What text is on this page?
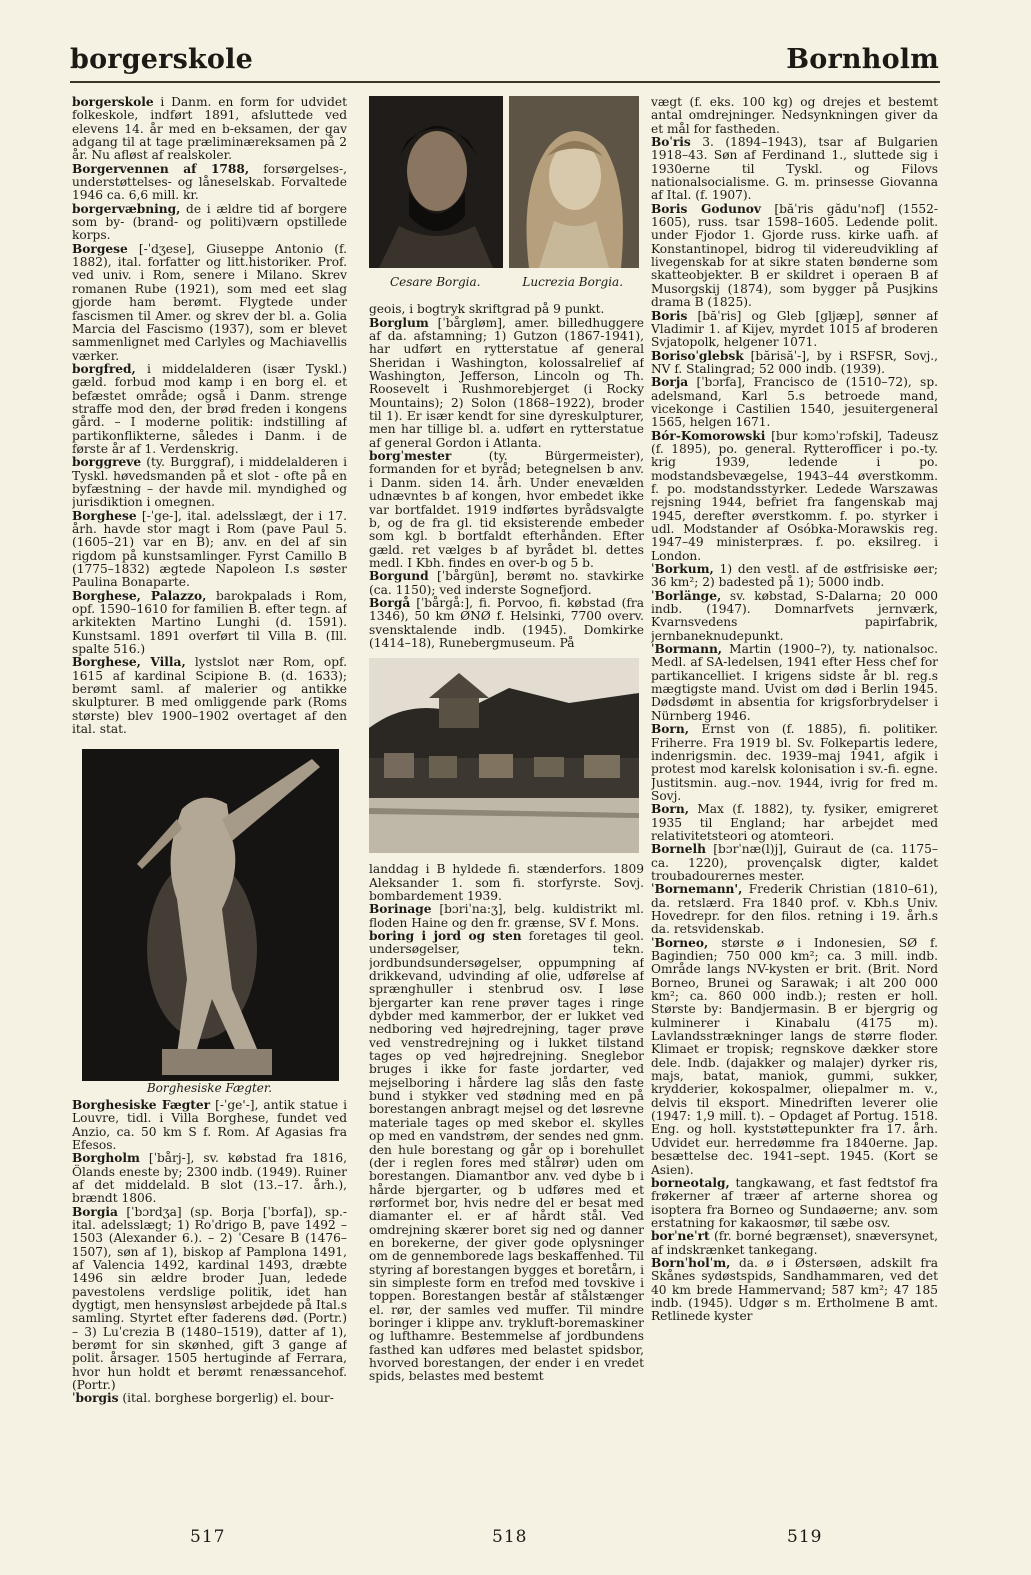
borgerskole	Bornholm

borgerskole i Danm. en form for udvidet folkeskole, indført 1891, afsluttede ved elevens 14. år med en b-eksamen, der gav adgang til at tage præliminæreksamen på 2 år. Nu afløst af realskoler.

Borgervennen af 1788, forsørgelses-, understøttelses- og låneselskab. Forvaltede 1946 ca. 6,6 mill. kr.

borgervæbning, de i ældre tid af borgere som by- (brand- og politi)værn opstillede korps.

Borgese [-ˈdʒese], Giuseppe Antonio (f. 1882), ital. forfatter og litt.historiker. Prof. ved univ. i Rom, senere i Milano. Skrev romanen Rube (1921), som med eet slag gjorde ham berømt. Flygtede under fascismen til Amer. og skrev der bl. a. Golia Marcia del Fascismo (1937), som er blevet sammenlignet med Carlyles og Machiavellis værker.

borgfred, i middelalderen (især Tyskl.) gæld. forbud mod kamp i en borg el. et befæstet område; også i Danm. strenge straffe mod den, der brød freden i kongens gård. – I moderne politik: indstilling af partikonflikterne, således i Danm. i de første år af 1. Verdenskrig.

borggreve (ty. Burggraf), i middelalderen i Tyskl. høvedsmanden på et slot - ofte på en byfæstning – der havde mil. myndighed og jurisdiktion i omegnen.

Borghese [-ˈge-], ital. adelsslægt, der i 17. årh. havde stor magt i Rom (pave Paul 5. (1605–21) var en B); anv. en del af sin rigdom på kunstsamlinger. Fyrst Camillo B (1775–1832) ægtede Napoleon I.s søster Paulina Bonaparte.

Borghese, Palazzo, barokpalads i Rom, opf. 1590–1610 for familien B. efter tegn. af arkitekten Martino Lunghi (d. 1591). Kunstsaml. 1891 overført til Villa B. (Ill. spalte 516.)

Borghese, Villa, lystslot nær Rom, opf. 1615 af kardinal Scipione B. (d. 1633); berømt saml. af malerier og antikke skulpturer. B med omliggende park (Roms største) blev 1900–1902 overtaget af den ital. stat.

Borghesiske Fægter.

Borghesiske Fægter [-ˈge'-], antik statue i Louvre, tidl. i Villa Borghese, fundet ved Anzio, ca. 50 km S f. Rom. Af Agasias fra Efesos.

Borgholm [ˈbårj-], sv. købstad fra 1816, Ölands eneste by; 2300 indb. (1949). Ruiner af det middelald. B slot (13.–17. årh.), brændt 1806.

Borgia [ˈbɔrdʒa] (sp. Borja [ˈbɔrfa]), sp.-ital. adelsslægt; 1) Roˈdrigo B, pave 1492 –1503 (Alexander 6.). – 2) ˈCesare B (1476–1507), søn af 1), biskop af Pamplona 1491, af Valencia 1492, kardinal 1493, dræbte 1496 sin ældre broder Juan, ledede pavestolens verdslige politik, idet han dygtigt, men hensynsløst arbejdede på Ital.s samling. Styrtet efter faderens død. (Portr.) – 3) Luˈcrezia B (1480–1519), datter af 1), berømt for sin skønhed, gift 3 gange af polit. årsager. 1505 hertuginde af Ferrara, hvor hun holdt et berømt renæssancehof. (Portr.)

ˈborgis (ital. borghese borgerlig) el. bour-

Cesare Borgia.	Lucrezia Borgia.

geois, i bogtryk skriftgrad på 9 punkt.

Borglum [ˈbårgløm], amer. billedhuggere af da. afstamning; 1) Gutzon (1867-1941), har udført en rytterstatue af general Sheridan i Washington, kolossalrelief af Washington, Jefferson, Lincoln og Th. Roosevelt i Rushmorebjerget (i Rocky Mountains); 2) Solon (1868–1922), broder til 1). Er især kendt for sine dyreskulpturer, men har tillige bl. a. udført en rytterstatue af general Gordon i Atlanta.

borgˈmester (ty. Bürgermeister), formanden for et byråd; betegnelsen b anv. i Danm. siden 14. årh. Under enevælden udnævntes b af kongen, hvor embedet ikke var bortfaldet. 1919 indførtes byrådsvalgte b, og de fra gl. tid eksisterende embeder som kgl. b bortfaldt efterhånden. Efter gæld. ret vælges b af byrådet bl. dettes medl. I Kbh. findes en over-b og 5 b.

Borgund [ˈbårgün], berømt no. stavkirke (ca. 1150); ved inderste Sognefjord.

Borgå [ˈbårgå:], fi. Porvoo, fi. købstad (fra 1346), 50 km ØNØ f. Helsinki, 7700 overv. svensktalende indb. (1945). Domkirke (1414–18), Runebergmuseum. På

landdag i B hyldede fi. stænderfors. 1809 Aleksander 1. som fi. storfyrste. Sovj. bombardement 1939.

Borinage [bɔriˈna:ʒ], belg. kuldistrikt ml. floden Haine og den fr. grænse, SV f. Mons.

boring i jord og sten foretages til geol. undersøgelser, tekn. jordbundsundersøgelser, oppumpning af drikkevand, udvinding af olie, udførelse af sprænghuller i stenbrud osv. I løse bjergarter kan rene prøver tages i ringe dybder med kammerbor, der er lukket ved nedboring ved højredrejning, tager prøve ved venstredrejning og i lukket tilstand tages op ved højredrejning. Sneglebor bruges i ikke for faste jordarter, ved mejselboring i hårdere lag slås den faste bund i stykker ved stødning med en på borestangen anbragt mejsel og det løsrevne materiale tages op med skebor el. skylles op med en vandstrøm, der sendes ned gnm. den hule borestang og går op i borehullet (der i reglen fores med stålrør) uden om borestangen. Diamantbor anv. ved dybe b i hårde bjergarter, og b udføres med et rørformet bor, hvis nedre del er besat med diamanter el. er af hårdt stål. Ved omdrejning skærer boret sig ned og danner en borekerne, der giver gode oplysninger om de gennemborede lags beskaffenhed. Til styring af borestangen bygges et boretårn, i sin simpleste form en trefod med tovskive i toppen. Borestangen består af stålstænger el. rør, der samles ved muffer. Til mindre boringer i klippe anv. trykluft-boremaskiner og lufthamre. Bestemmelse af jordbundens fasthed kan udføres med belastet spidsbor, hvorved borestangen, der ender i en vredet spids, belastes med bestemt

vægt (f. eks. 100 kg) og drejes et bestemt antal omdrejninger. Nedsynkningen giver da et mål for fastheden.

Boˈris 3. (1894–1943), tsar af Bulgarien 1918–43. Søn af Ferdinand 1., sluttede sig i 1930erne til Tyskl. og Filovs nationalsocialisme. G. m. prinsesse Giovanna af Ital. (f. 1907).

Boris Godunov [băˈris gădu'nɔf] (1552-1605), russ. tsar 1598–1605. Ledende polit. under Fjodor 1. Gjorde russ. kirke uafh. af Konstantinopel, bidrog til videreudvikling af livegenskab for at sikre staten bønderne som skatteobjekter. B er skildret i operaen B af Musorgskij (1874), som bygger på Pusjkins drama B (1825).

Boris [băˈris] og Gleb [gljæp], sønner af Vladimir 1. af Kijev, myrdet 1015 af broderen Svjatopolk, helgener 1071.

Borisoˈglebsk [bărisăˈ-], by i RSFSR, Sovj., NV f. Stalingrad; 52 000 indb. (1939).

Borja [ˈbɔrfa], Francisco de (1510–72), sp. adelsmand, Karl 5.s betroede mand, vicekonge i Castilien 1540, jesuitergeneral 1565, helgen 1671.

Bór-Komorowski [bur kɔmɔˈrɔfski], Tadeusz (f. 1895), po. general. Rytterofficer i po.-ty. krig 1939, ledende i po. modstandsbevægelse, 1943–44 øverstkomm. f. po. modstandsstyrker. Ledede Warszawas rejsning 1944, befriet fra fangenskab maj 1945, derefter øverstkomm. f. po. styrker i udl. Modstander af Osóbka-Morawskis reg. 1947–49 ministerpræs. f. po. eksilreg. i London.

ˈBorkum, 1) den vestl. af de østfrisiske øer; 36 km²; 2) badested på 1); 5000 indb.

ˈBorlänge, sv. købstad, S-Dalarna; 20 000 indb. (1947). Domnarfvets jernværk, Kvarnsvedens papirfabrik, jernbaneknudepunkt.

ˈBormann, Martin (1900–?), ty. nationalsoc. Medl. af SA-ledelsen, 1941 efter Hess chef for partikancelliet. I krigens sidste år bl. reg.s mægtigste mand. Uvist om død i Berlin 1945. Dødsdømt in absentia for krigsforbrydelser i Nürnberg 1946.

Born, Ernst von (f. 1885), fi. politiker. Friherre. Fra 1919 bl. Sv. Folkepartis ledere, indenrigsmin. dec. 1939–maj 1941, afgik i protest mod karelsk kolonisation i sv.-fi. egne. Justitsmin. aug.–nov. 1944, ivrig for fred m. Sovj.

Born, Max (f. 1882), ty. fysiker, emigreret 1935 til England; har arbejdet med relativitetsteori og atomteori.

Bornelh [bɔrˈnæ(l)j], Guiraut de (ca. 1175–ca. 1220), provençalsk digter, kaldet troubadourernes mester.

ˈBornemann', Frederik Christian (1810–61), da. retslærd. Fra 1840 prof. v. Kbh.s Univ. Hovedrepr. for den filos. retning i 19. årh.s da. retsvidenskab.

ˈBorneo, største ø i Indonesien, SØ f. Bagindien; 750 000 km²; ca. 3 mill. indb. Område langs NV-kysten er brit. (Brit. Nord Borneo, Brunei og Sarawak; i alt 200 000 km²; ca. 860 000 indb.); resten er holl. Største by: Bandjermasin. B er bjergrig og kulminerer i Kinabalu (4175 m). Lavlandsstrækninger langs de større floder. Klimaet er tropisk; regnskove dækker store dele. Indb. (dajakker og malajer) dyrker ris, majs, batat, maniok, gummi, sukker, krydderier, kokospalmer, oliepalmer m. v., delvis til eksport. Minedriften leverer olie (1947: 1,9 mill. t). – Opdaget af Portug. 1518. Eng. og holl. kyststøttepunkter fra 17. årh. Udvidet eur. herredømme fra 1840erne. Jap. besættelse dec. 1941–sept. 1945. (Kort se Asien).

borneotalg, tangkawang, et fast fedtstof fra frøkerner af træer af arterne shorea og isoptera fra Borneo og Sundaøerne; anv. som erstatning for kakaosmør, til sæbe osv.

borˈneˈrt (fr. borné begrænset), snæversynet, af indskrænket tankegang.

Bornˈholˈm, da. ø i Østersøen, adskilt fra Skånes sydøstspids, Sandhammaren, ved det 40 km brede Hammervand; 587 km²; 47 185 indb. (1945). Udgør s m. Ertholmene B amt. Retlinede kyster

517	518	519
